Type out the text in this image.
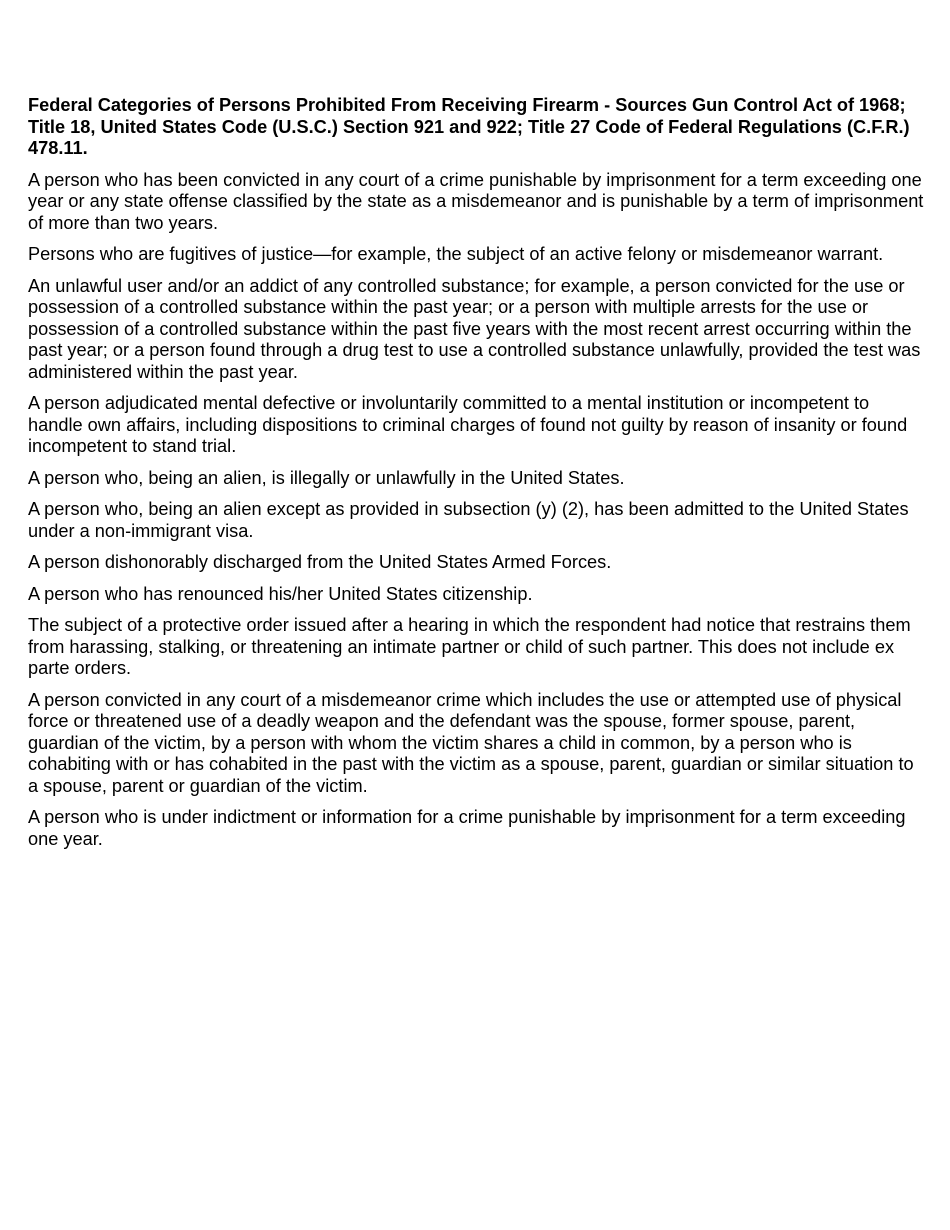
Federal Categories of Persons Prohibited From Receiving Firearm - Sources Gun Control Act of 1968; Title 18, United States Code (U.S.C.) Section 921 and 922; Title 27 Code of Federal Regulations (C.F.R.) 478.11.

A person who has been convicted in any court of a crime punishable by imprisonment for a term exceeding one year or any state offense classified by the state as a misdemeanor and is punishable by a term of imprisonment of more than two years.

Persons who are fugitives of justice—for example, the subject of an active felony or misdemeanor warrant.

An unlawful user and/or an addict of any controlled substance; for example, a person convicted for the use or possession of a controlled substance within the past year; or a person with multiple arrests for the use or possession of a controlled substance within the past five years with the most recent arrest occurring within the past year; or a person found through a drug test to use a controlled substance unlawfully, provided the test was administered within the past year.

A person adjudicated mental defective or involuntarily committed to a mental institution or incompetent to handle own affairs, including dispositions to criminal charges of found not guilty by reason of insanity or found incompetent to stand trial.

A person who, being an alien, is illegally or unlawfully in the United States.

A person who, being an alien except as provided in subsection (y) (2), has been admitted to the United States under a non-immigrant visa.

A person dishonorably discharged from the United States Armed Forces.

A person who has renounced his/her United States citizenship.

The subject of a protective order issued after a hearing in which the respondent had notice that restrains them from harassing, stalking, or threatening an intimate partner or child of such partner. This does not include ex parte orders.

A person convicted in any court of a misdemeanor crime which includes the use or attempted use of physical force or threatened use of a deadly weapon and the defendant was the spouse, former spouse, parent, guardian of the victim, by a person with whom the victim shares a child in common, by a person who is cohabiting with or has cohabited in the past with the victim as a spouse, parent, guardian or similar situation to a spouse, parent or guardian of the victim.

A person who is under indictment or information for a crime punishable by imprisonment for a term exceeding one year.
